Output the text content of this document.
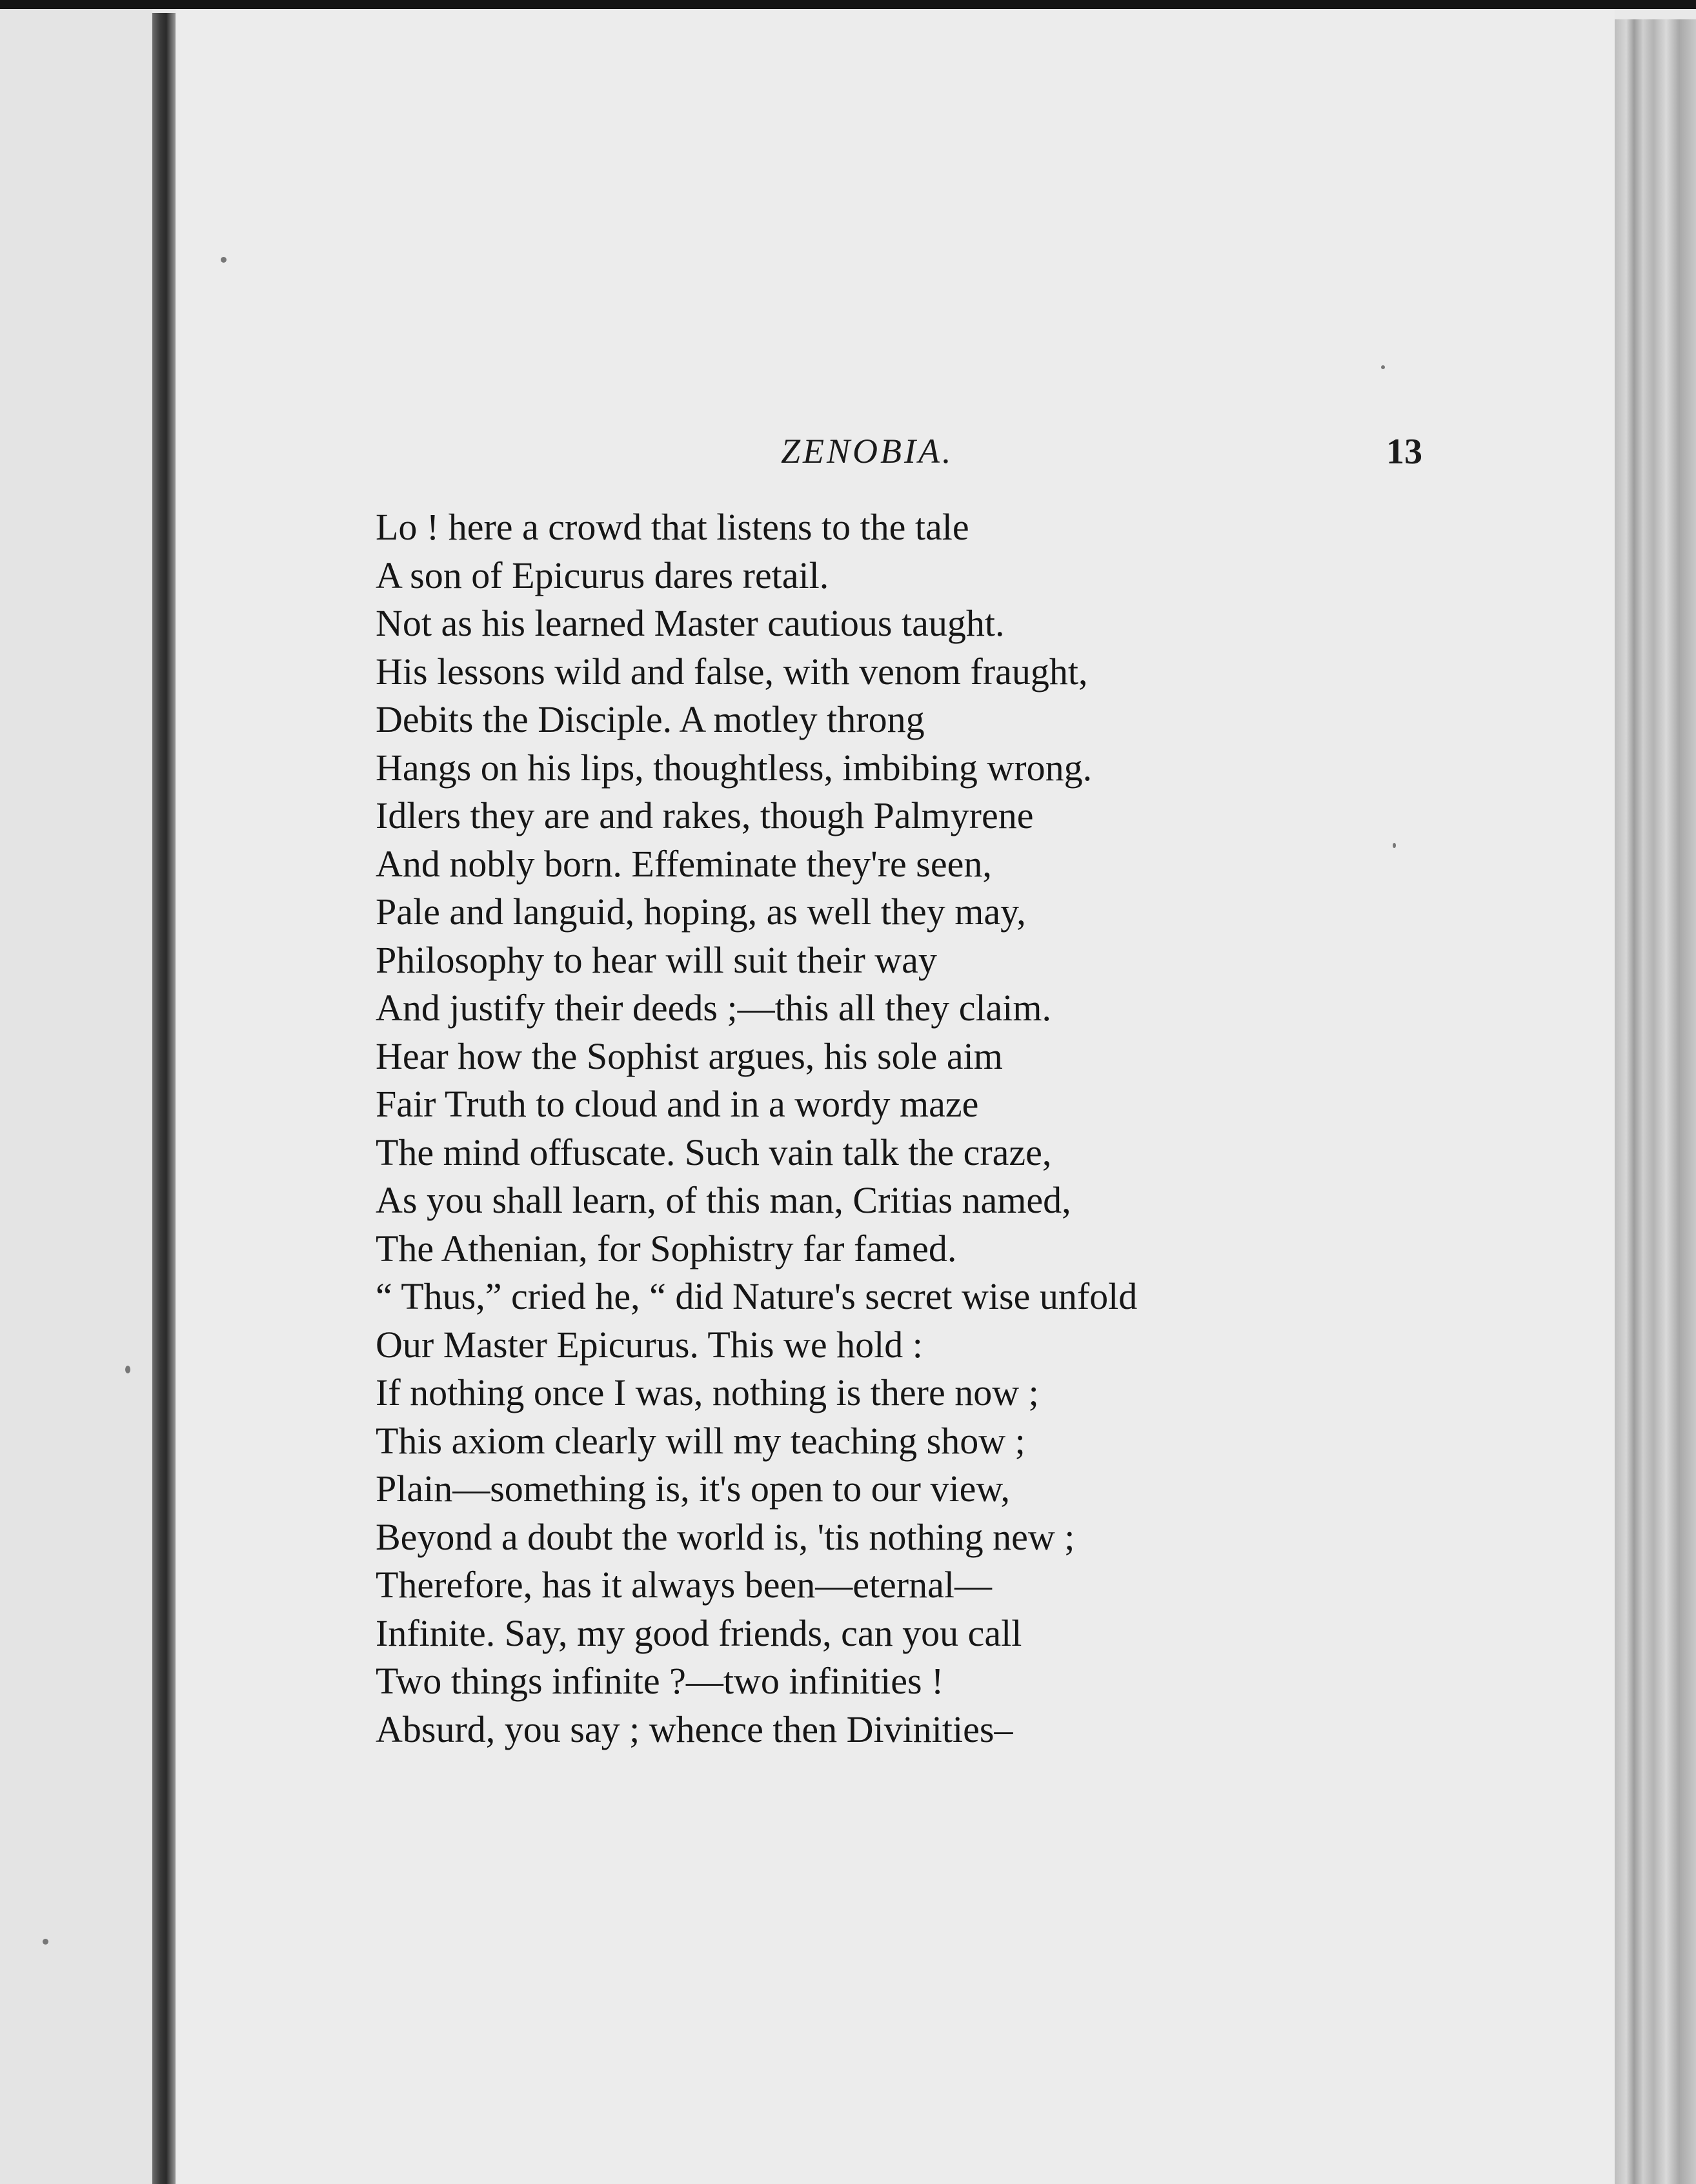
ZENOBIA.	13
Lo ! here a crowd that listens to the tale
A son of Epicurus dares retail.
Not as his learned Master cautious taught.
His lessons wild and false, with venom fraught,
Debits the Disciple. A motley throng
Hangs on his lips, thoughtless, imbibing wrong.
Idlers they are and rakes, though Palmyrene
And nobly born. Effeminate they're seen,
Pale and languid, hoping, as well they may,
Philosophy to hear will suit their way
And justify their deeds ;—this all they claim.
Hear how the Sophist argues, his sole aim
Fair Truth to cloud and in a wordy maze
The mind offuscate. Such vain talk the craze,
As you shall learn, of this man, Critias named,
The Athenian, for Sophistry far famed.
“ Thus,” cried he, “ did Nature's secret wise unfold
Our Master Epicurus. This we hold :
If nothing once I was, nothing is there now ;
This axiom clearly will my teaching show ;
Plain—something is, it's open to our view,
Beyond a doubt the world is, 'tis nothing new ;
Therefore, has it always been—eternal—
Infinite. Say, my good friends, can you call
Two things infinite ?—two infinities !
Absurd, you say ; whence then Divinities–
